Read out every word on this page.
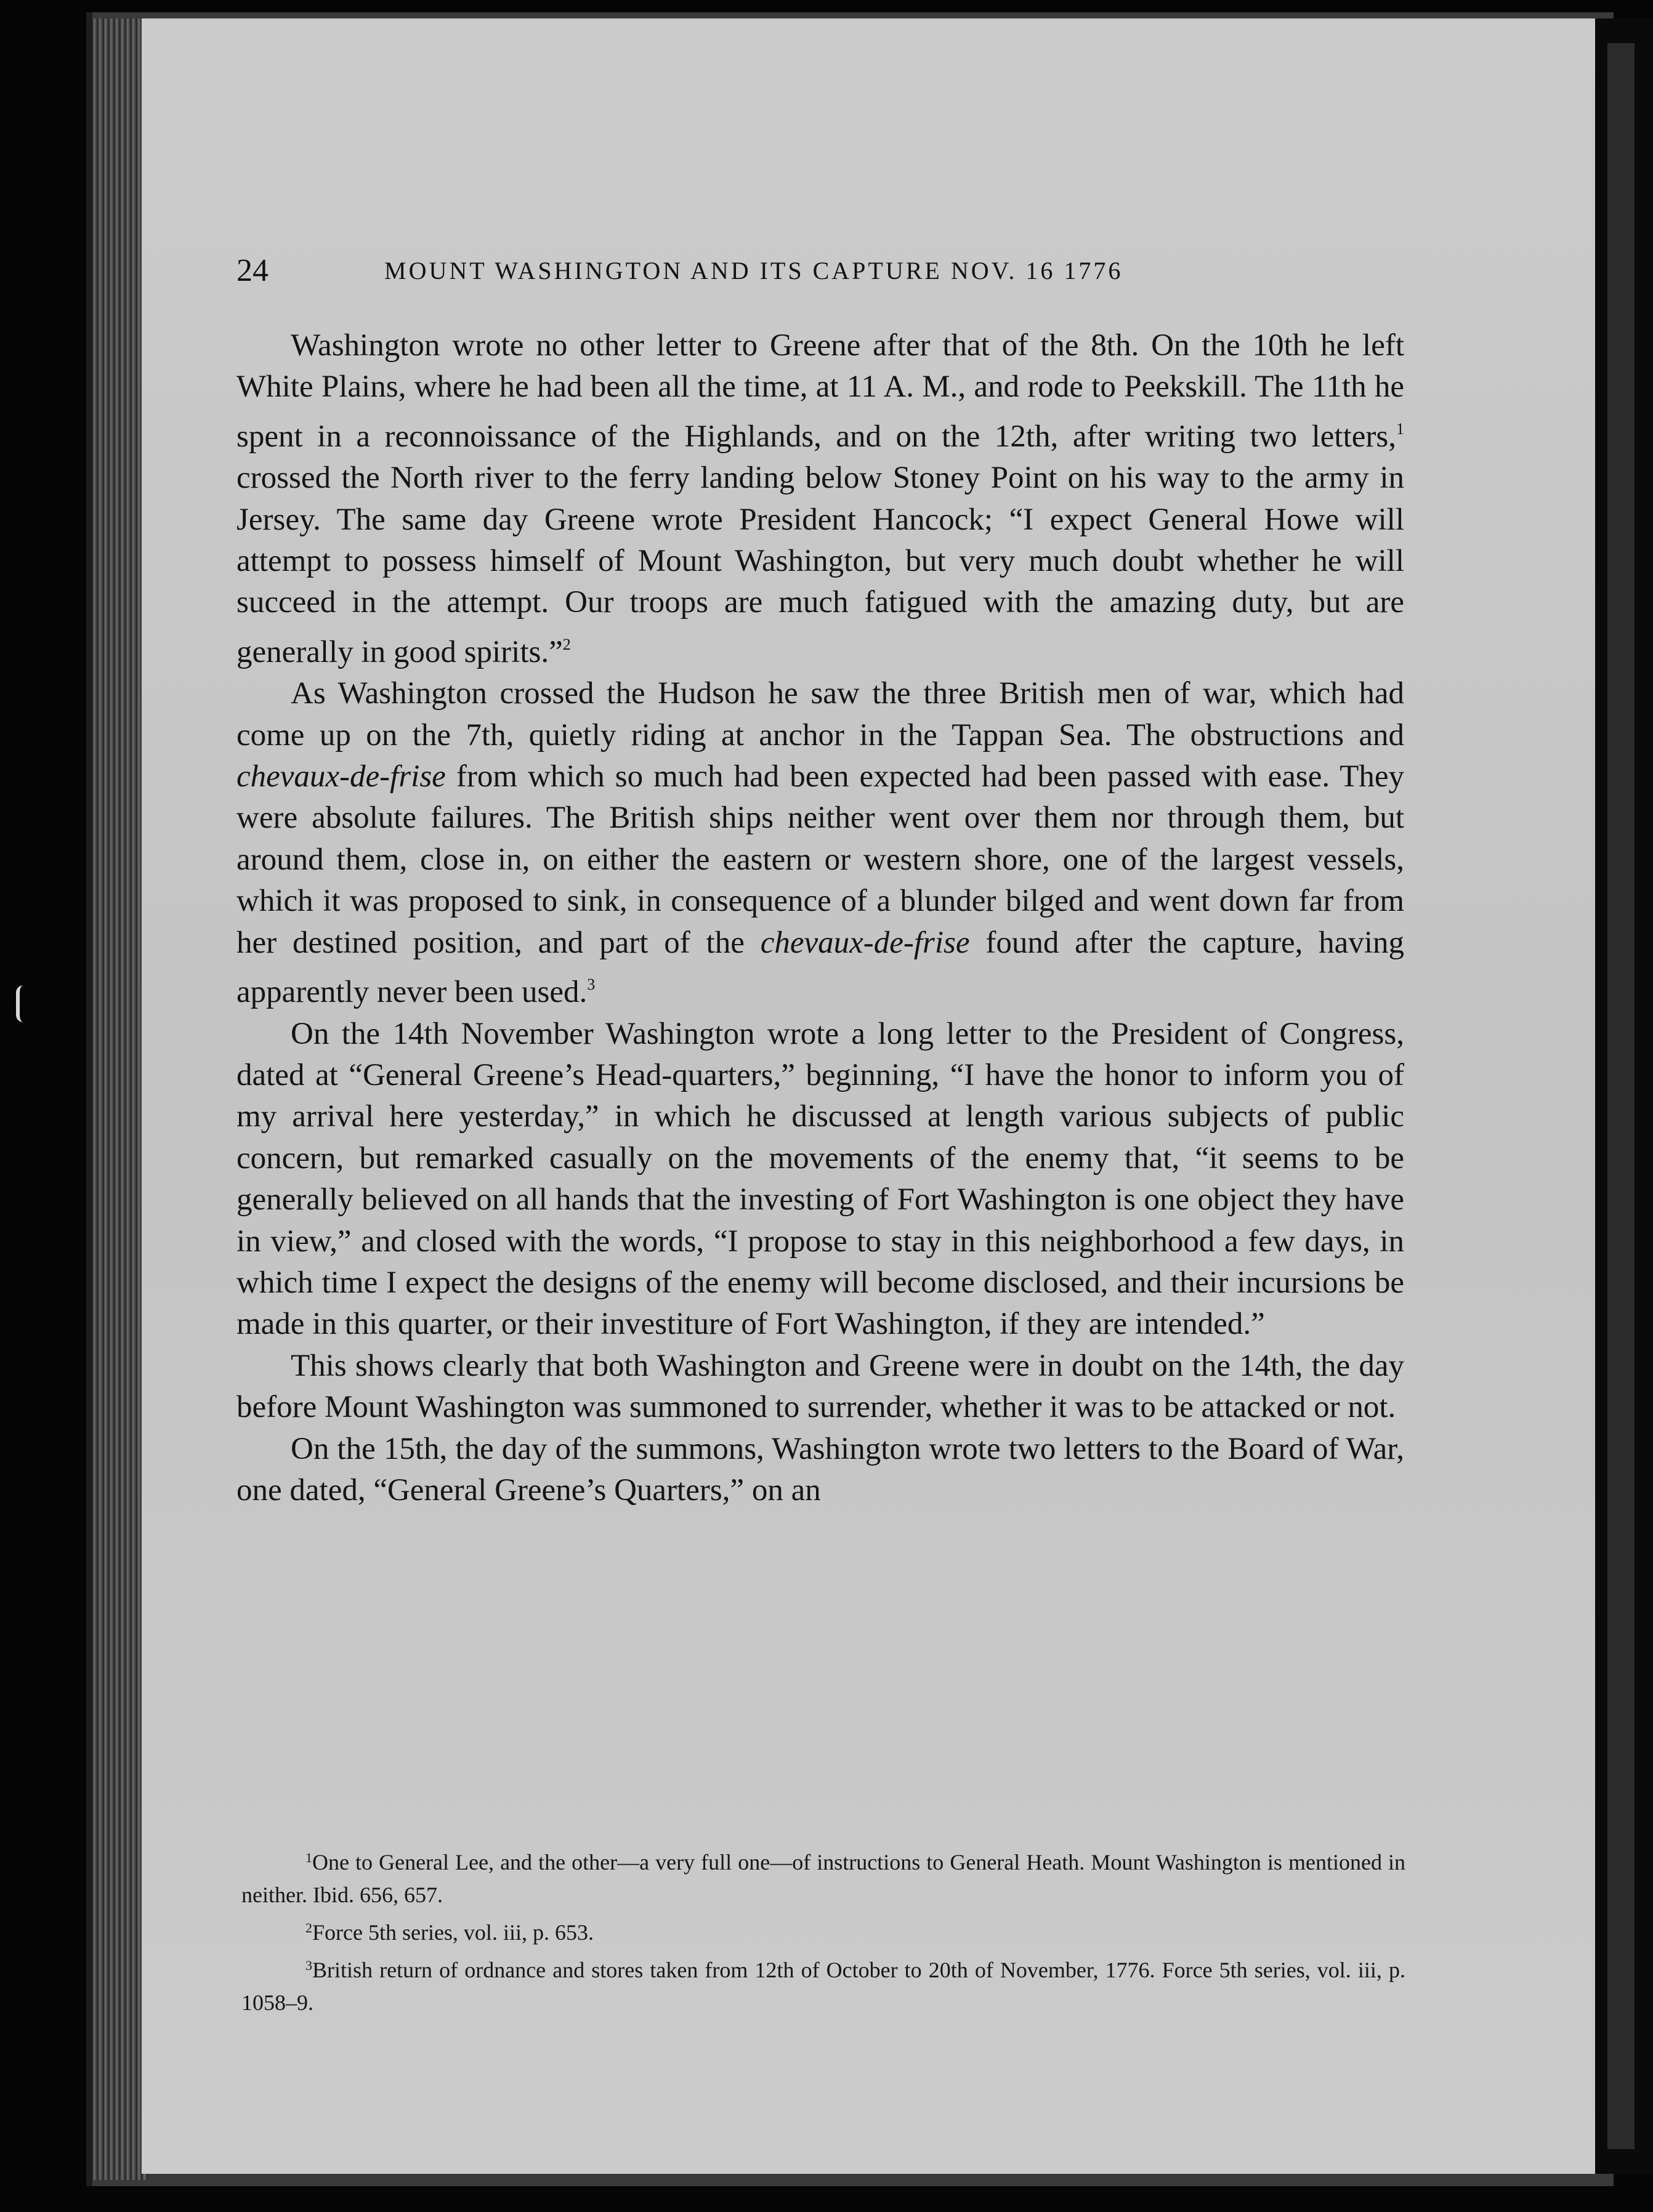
24	MOUNT WASHINGTON AND ITS CAPTURE NOV. 16 1776

Washington wrote no other letter to Greene after that of the 8th. On the 10th he left White Plains, where he had been all the time, at 11 A. M., and rode to Peekskill. The 11th he spent in a reconnoissance of the Highlands, and on the 12th, after writing two letters,$^1$ crossed the North river to the ferry landing below Stoney Point on his way to the army in Jersey. The same day Greene wrote President Hancock; “I expect General Howe will attempt to possess himself of Mount Washington, but very much doubt whether he will succeed in the attempt. Our troops are much fatigued with the amazing duty, but are generally in good spirits.”$^2$

As Washington crossed the Hudson he saw the three British men of war, which had come up on the 7th, quietly riding at anchor in the Tappan Sea. The obstructions and chevaux-de-frise from which so much had been expected had been passed with ease. They were absolute failures. The British ships neither went over them nor through them, but around them, close in, on either the eastern or western shore, one of the largest vessels, which it was proposed to sink, in consequence of a blunder bilged and went down far from her destined position, and part of the chevaux-de-frise found after the capture, having apparently never been used.$^3$

On the 14th November Washington wrote a long letter to the President of Congress, dated at “General Greene’s Head-quarters,” beginning, “I have the honor to inform you of my arrival here yesterday,” in which he discussed at length various subjects of public concern, but remarked casually on the movements of the enemy that, “it seems to be generally believed on all hands that the investing of Fort Washington is one object they have in view,” and closed with the words, “I propose to stay in this neighborhood a few days, in which time I expect the designs of the enemy will become disclosed, and their incursions be made in this quarter, or their investiture of Fort Washington, if they are intended.”

This shows clearly that both Washington and Greene were in doubt on the 14th, the day before Mount Washington was summoned to surrender, whether it was to be attacked or not.

On the 15th, the day of the summons, Washington wrote two letters to the Board of War, one dated, “General Greene’s Quarters,” on an

$^1$One to General Lee, and the other—a very full one—of instructions to General Heath. Mount Washington is mentioned in neither. Ibid. 656, 657.

$^2$Force 5th series, vol. iii, p. 653.

$^3$British return of ordnance and stores taken from 12th of October to 20th of November, 1776. Force 5th series, vol. iii, p. 1058–9.
